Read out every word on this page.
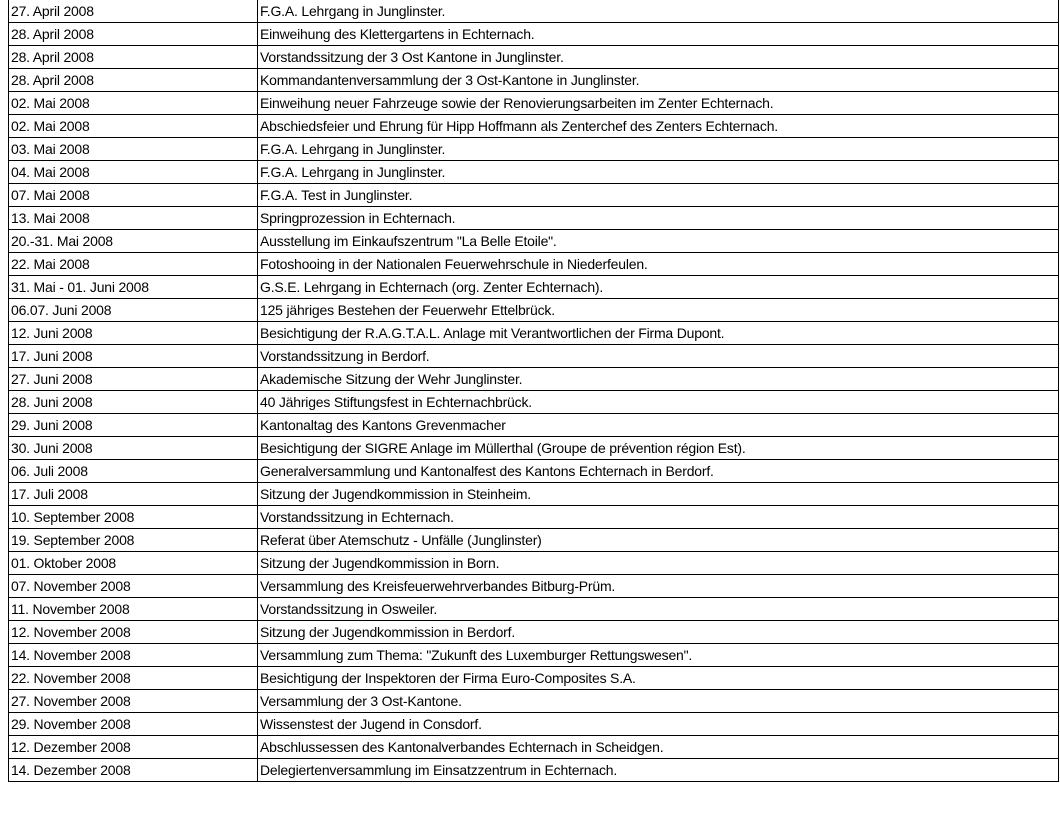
27. April 2008	F.G.A. Lehrgang in Junglinster.
28. April 2008	Einweihung des Klettergartens in Echternach.
28. April 2008	Vorstandssitzung der 3 Ost Kantone in Junglinster.
28. April 2008	Kommandantenversammlung der 3 Ost-Kantone in Junglinster.
02. Mai 2008	Einweihung neuer Fahrzeuge sowie der Renovierungsarbeiten im Zenter Echternach.
02. Mai 2008	Abschiedsfeier und Ehrung für Hipp Hoffmann als Zenterchef des Zenters Echternach.
03. Mai 2008	F.G.A. Lehrgang in Junglinster.
04. Mai 2008	F.G.A. Lehrgang in Junglinster.
07. Mai 2008	F.G.A. Test in Junglinster.
13. Mai 2008	Springprozession in Echternach.
20.-31. Mai 2008	Ausstellung im Einkaufszentrum "La Belle Etoile".
22. Mai 2008	Fotoshooing in der Nationalen Feuerwehrschule in Niederfeulen.
31. Mai - 01. Juni 2008	G.S.E. Lehrgang in Echternach (org. Zenter Echternach).
06.07. Juni 2008	125 jähriges Bestehen der Feuerwehr Ettelbrück.
12. Juni 2008	Besichtigung der R.A.G.T.A.L. Anlage mit Verantwortlichen der Firma Dupont.
17. Juni 2008	Vorstandssitzung in Berdorf.
27. Juni 2008	Akademische Sitzung der Wehr Junglinster.
28. Juni 2008	40 Jähriges Stiftungsfest in Echternachbrück.
29. Juni 2008	Kantonaltag des Kantons Grevenmacher
30. Juni 2008	Besichtigung der SIGRE Anlage im Müllerthal (Groupe de prévention région Est).
06. Juli 2008	Generalversammlung und Kantonalfest des Kantons Echternach in Berdorf.
17. Juli 2008	Sitzung der Jugendkommission in Steinheim.
10. September 2008	Vorstandssitzung in Echternach.
19. September 2008	Referat über Atemschutz - Unfälle (Junglinster)
01. Oktober 2008	Sitzung der Jugendkommission in Born.
07. November 2008	Versammlung des Kreisfeuerwehrverbandes Bitburg-Prüm.
11. November 2008	Vorstandssitzung in Osweiler.
12. November 2008	Sitzung der Jugendkommission in Berdorf.
14. November 2008	Versammlung zum Thema: "Zukunft des Luxemburger Rettungswesen".
22. November 2008	Besichtigung der Inspektoren der Firma Euro-Composites S.A.
27. November 2008	Versammlung der 3 Ost-Kantone.
29. November 2008	Wissenstest der Jugend in Consdorf.
12. Dezember 2008	Abschlussessen des Kantonalverbandes Echternach in Scheidgen.
14. Dezember 2008	Delegiertenversammlung im Einsatzzentrum in Echternach.
